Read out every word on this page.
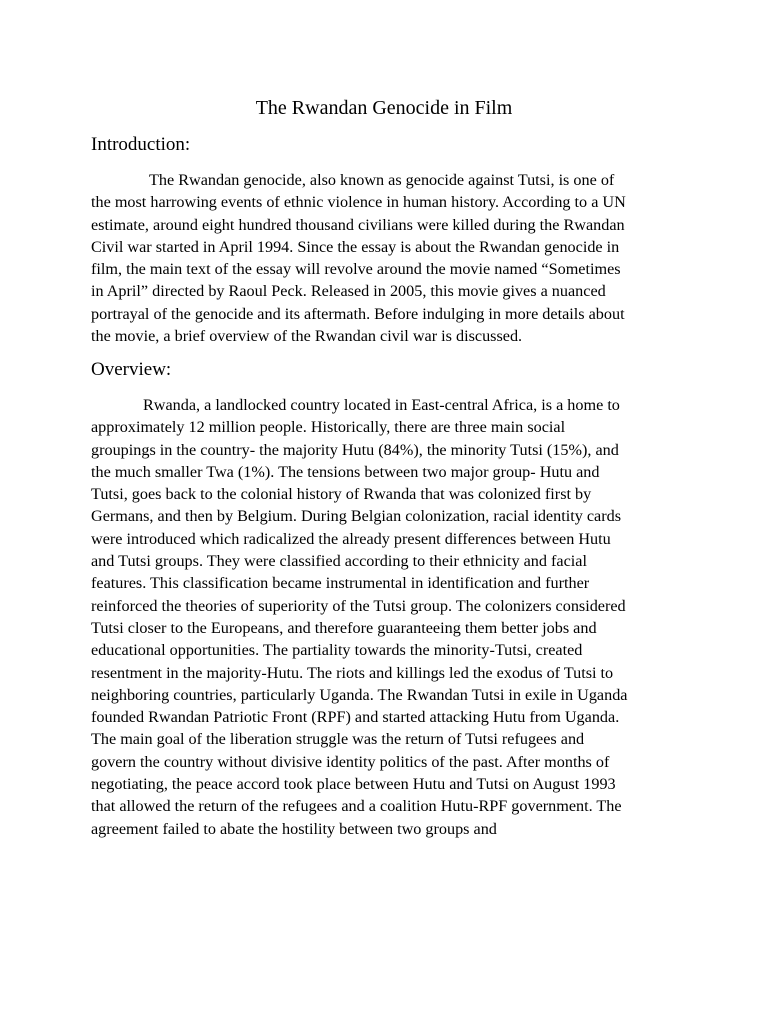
The Rwandan Genocide in Film
Introduction:
The Rwandan genocide, also known as genocide against Tutsi, is one of
the most harrowing events of ethnic violence in human history. According to a UN
estimate, around eight hundred thousand civilians were killed during the Rwandan
Civil war started in April 1994. Since the essay is about the Rwandan genocide in
film, the main text of the essay will revolve around the movie named “Sometimes
in April” directed by Raoul Peck. Released in 2005, this movie gives a nuanced
portrayal of the genocide and its aftermath. Before indulging in more details about
the movie, a brief overview of the Rwandan civil war is discussed.
Overview:
Rwanda, a landlocked country located in East-central Africa, is a home to
approximately 12 million people. Historically, there are three main social
groupings in the country- the majority Hutu (84%), the minority Tutsi (15%), and
the much smaller Twa (1%). The tensions between two major group- Hutu and
Tutsi, goes back to the colonial history of Rwanda that was colonized first by
Germans, and then by Belgium. During Belgian colonization, racial identity cards
were introduced which radicalized the already present differences between Hutu
and Tutsi groups. They were classified according to their ethnicity and facial
features. This classification became instrumental in identification and further
reinforced the theories of superiority of the Tutsi group. The colonizers considered
Tutsi closer to the Europeans, and therefore guaranteeing them better jobs and
educational opportunities. The partiality towards the minority-Tutsi, created
resentment in the majority-Hutu. The riots and killings led the exodus of Tutsi to
neighboring countries, particularly Uganda. The Rwandan Tutsi in exile in Uganda
founded Rwandan Patriotic Front (RPF) and started attacking Hutu from Uganda.
The main goal of the liberation struggle was the return of Tutsi refugees and
govern the country without divisive identity politics of the past. After months of
negotiating, the peace accord took place between Hutu and Tutsi on August 1993
that allowed the return of the refugees and a coalition Hutu-RPF government. The
agreement failed to abate the hostility between two groups and
